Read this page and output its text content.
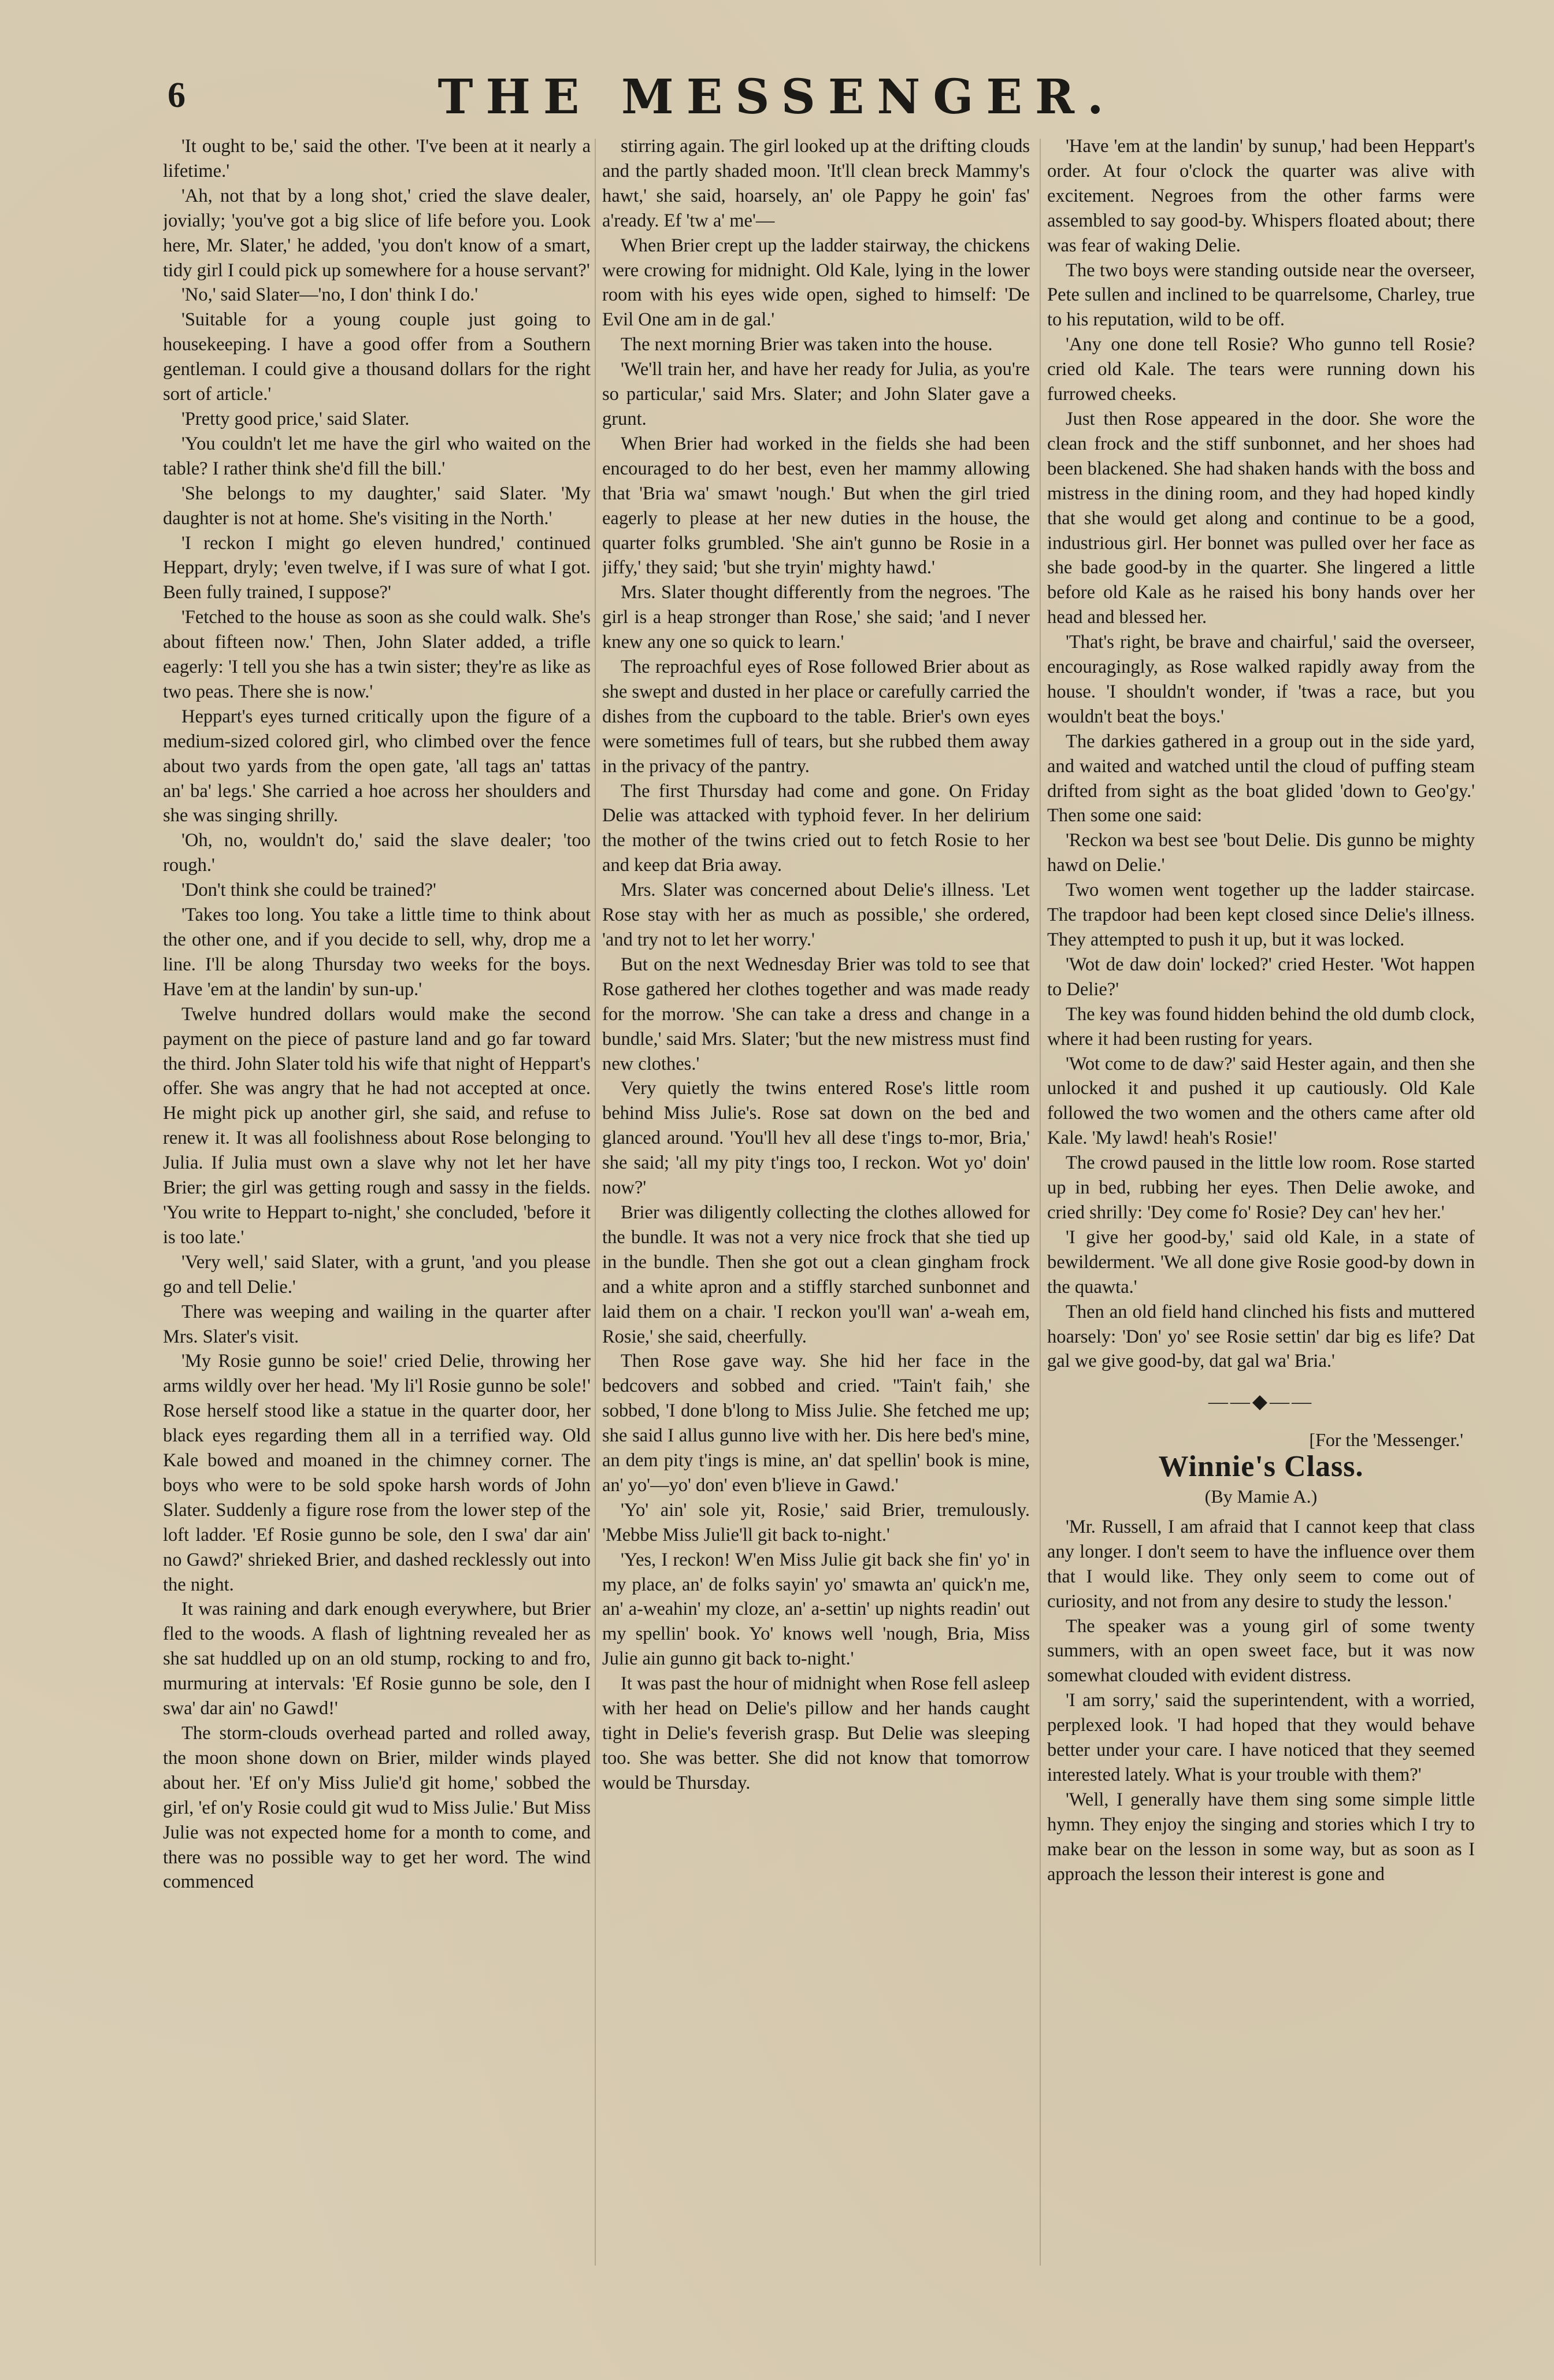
THE MESSENGER.
6

'It ought to be,' said the other. 'I've been at it nearly a lifetime.'

'Ah, not that by a long shot,' cried the slave dealer, jovially; 'you've got a big slice of life before you. Look here, Mr. Slater,' he added, 'you don't know of a smart, tidy girl I could pick up somewhere for a house servant?'

'No,' said Slater—'no, I don' think I do.'

'Suitable for a young couple just going to housekeeping. I have a good offer from a Southern gentleman. I could give a thousand dollars for the right sort of article.'

'Pretty good price,' said Slater.

'You couldn't let me have the girl who waited on the table? I rather think she'd fill the bill.'

'She belongs to my daughter,' said Slater. 'My daughter is not at home. She's visiting in the North.'

'I reckon I might go eleven hundred,' continued Heppart, dryly; 'even twelve, if I was sure of what I got. Been fully trained, I suppose?'

'Fetched to the house as soon as she could walk. She's about fifteen now.' Then, John Slater added, a trifle eagerly: 'I tell you she has a twin sister; they're as like as two peas. There she is now.'

Heppart's eyes turned critically upon the figure of a medium-sized colored girl, who climbed over the fence about two yards from the open gate, 'all tags an' tattas an' ba' legs.' She carried a hoe across her shoulders and she was singing shrilly.

'Oh, no, wouldn't do,' said the slave dealer; 'too rough.'

'Don't think she could be trained?'

'Takes too long. You take a little time to think about the other one, and if you decide to sell, why, drop me a line. I'll be along Thursday two weeks for the boys. Have 'em at the landin' by sun-up.'

Twelve hundred dollars would make the second payment on the piece of pasture land and go far toward the third. John Slater told his wife that night of Heppart's offer. She was angry that he had not accepted at once. He might pick up another girl, she said, and refuse to renew it. It was all foolishness about Rose belonging to Julia. If Julia must own a slave why not let her have Brier; the girl was getting rough and sassy in the fields. 'You write to Heppart to-night,' she concluded, 'before it is too late.'

'Very well,' said Slater, with a grunt, 'and you please go and tell Delie.'

There was weeping and wailing in the quarter after Mrs. Slater's visit.

'My Rosie gunno be soie!' cried Delie, throwing her arms wildly over her head. 'My li'l Rosie gunno be sole!' Rose herself stood like a statue in the quarter door, her black eyes regarding them all in a terrified way. Old Kale bowed and moaned in the chimney corner. The boys who were to be sold spoke harsh words of John Slater. Suddenly a figure rose from the lower step of the loft ladder. 'Ef Rosie gunno be sole, den I swa' dar ain' no Gawd?' shrieked Brier, and dashed recklessly out into the night.

It was raining and dark enough everywhere, but Brier fled to the woods. A flash of lightning revealed her as she sat huddled up on an old stump, rocking to and fro, murmuring at intervals: 'Ef Rosie gunno be sole, den I swa' dar ain' no Gawd!'

The storm-clouds overhead parted and rolled away, the moon shone down on Brier, milder winds played about her. 'Ef on'y Miss Julie'd git home,' sobbed the girl, 'ef on'y Rosie could git wud to Miss Julie.' But Miss Julie was not expected home for a month to come, and there was no possible way to get her word. The wind commenced

stirring again. The girl looked up at the drifting clouds and the partly shaded moon. 'It'll clean breck Mammy's hawt,' she said, hoarsely, an' ole Pappy he goin' fas' a'ready. Ef 'tw a' me'—

When Brier crept up the ladder stairway, the chickens were crowing for midnight. Old Kale, lying in the lower room with his eyes wide open, sighed to himself: 'De Evil One am in de gal.'

The next morning Brier was taken into the house.

'We'll train her, and have her ready for Julia, as you're so particular,' said Mrs. Slater; and John Slater gave a grunt.

When Brier had worked in the fields she had been encouraged to do her best, even her mammy allowing that 'Bria wa' smawt 'nough.' But when the girl tried eagerly to please at her new duties in the house, the quarter folks grumbled. 'She ain't gunno be Rosie in a jiffy,' they said; 'but she tryin' mighty hawd.'

Mrs. Slater thought differently from the negroes. 'The girl is a heap stronger than Rose,' she said; 'and I never knew any one so quick to learn.'

The reproachful eyes of Rose followed Brier about as she swept and dusted in her place or carefully carried the dishes from the cupboard to the table. Brier's own eyes were sometimes full of tears, but she rubbed them away in the privacy of the pantry.

The first Thursday had come and gone. On Friday Delie was attacked with typhoid fever. In her delirium the mother of the twins cried out to fetch Rosie to her and keep dat Bria away.

Mrs. Slater was concerned about Delie's illness. 'Let Rose stay with her as much as possible,' she ordered, 'and try not to let her worry.'

But on the next Wednesday Brier was told to see that Rose gathered her clothes together and was made ready for the morrow. 'She can take a dress and change in a bundle,' said Mrs. Slater; 'but the new mistress must find new clothes.'

Very quietly the twins entered Rose's little room behind Miss Julie's. Rose sat down on the bed and glanced around. 'You'll hev all dese t'ings to-mor, Bria,' she said; 'all my pity t'ings too, I reckon. Wot yo' doin' now?'

Brier was diligently collecting the clothes allowed for the bundle. It was not a very nice frock that she tied up in the bundle. Then she got out a clean gingham frock and a white apron and a stiffly starched sunbonnet and laid them on a chair. 'I reckon you'll wan' a-weah em, Rosie,' she said, cheerfully.

Then Rose gave way. She hid her face in the bedcovers and sobbed and cried. ''Tain't faih,' she sobbed, 'I done b'long to Miss Julie. She fetched me up; she said I allus gunno live with her. Dis here bed's mine, an dem pity t'ings is mine, an' dat spellin' book is mine, an' yo'—yo' don' even b'lieve in Gawd.'

'Yo' ain' sole yit, Rosie,' said Brier, tremulously. 'Mebbe Miss Julie'll git back to-night.'

'Yes, I reckon! W'en Miss Julie git back she fin' yo' in my place, an' de folks sayin' yo' smawta an' quick'n me, an' a-weahin' my cloze, an' a-settin' up nights readin' out my spellin' book. Yo' knows well 'nough, Bria, Miss Julie ain gunno git back to-night.'

It was past the hour of midnight when Rose fell asleep with her head on Delie's pillow and her hands caught tight in Delie's feverish grasp. But Delie was sleeping too. She was better. She did not know that tomorrow would be Thursday.

'Have 'em at the landin' by sunup,' had been Heppart's order. At four o'clock the quarter was alive with excitement. Negroes from the other farms were assembled to say good-by. Whispers floated about; there was fear of waking Delie.

The two boys were standing outside near the overseer, Pete sullen and inclined to be quarrelsome, Charley, true to his reputation, wild to be off.

'Any one done tell Rosie? Who gunno tell Rosie? cried old Kale. The tears were running down his furrowed cheeks.

Just then Rose appeared in the door. She wore the clean frock and the stiff sunbonnet, and her shoes had been blackened. She had shaken hands with the boss and mistress in the dining room, and they had hoped kindly that she would get along and continue to be a good, industrious girl. Her bonnet was pulled over her face as she bade good-by in the quarter. She lingered a little before old Kale as he raised his bony hands over her head and blessed her.

'That's right, be brave and chairful,' said the overseer, encouragingly, as Rose walked rapidly away from the house. 'I shouldn't wonder, if 'twas a race, but you wouldn't beat the boys.'

The darkies gathered in a group out in the side yard, and waited and watched until the cloud of puffing steam drifted from sight as the boat glided 'down to Geo'gy.' Then some one said:

'Reckon wa best see 'bout Delie. Dis gunno be mighty hawd on Delie.'

Two women went together up the ladder staircase. The trapdoor had been kept closed since Delie's illness. They attempted to push it up, but it was locked.

'Wot de daw doin' locked?' cried Hester. 'Wot happen to Delie?'

The key was found hidden behind the old dumb clock, where it had been rusting for years.

'Wot come to de daw?' said Hester again, and then she unlocked it and pushed it up cautiously. Old Kale followed the two women and the others came after old Kale. 'My lawd! heah's Rosie!'

The crowd paused in the little low room. Rose started up in bed, rubbing her eyes. Then Delie awoke, and cried shrilly: 'Dey come fo' Rosie? Dey can' hev her.'

'I give her good-by,' said old Kale, in a state of bewilderment. 'We all done give Rosie good-by down in the quawta.'

Then an old field hand clinched his fists and muttered hoarsely: 'Don' yo' see Rosie settin' dar big es life? Dat gal we give good-by, dat gal wa' Bria.'

——◆——
[For the 'Messenger.'
Winnie's Class.
(By Mamie A.)

'Mr. Russell, I am afraid that I cannot keep that class any longer. I don't seem to have the influence over them that I would like. They only seem to come out of curiosity, and not from any desire to study the lesson.'

The speaker was a young girl of some twenty summers, with an open sweet face, but it was now somewhat clouded with evident distress.

'I am sorry,' said the superintendent, with a worried, perplexed look. 'I had hoped that they would behave better under your care. I have noticed that they seemed interested lately. What is your trouble with them?'

'Well, I generally have them sing some simple little hymn. They enjoy the singing and stories which I try to make bear on the lesson in some way, but as soon as I approach the lesson their interest is gone and
